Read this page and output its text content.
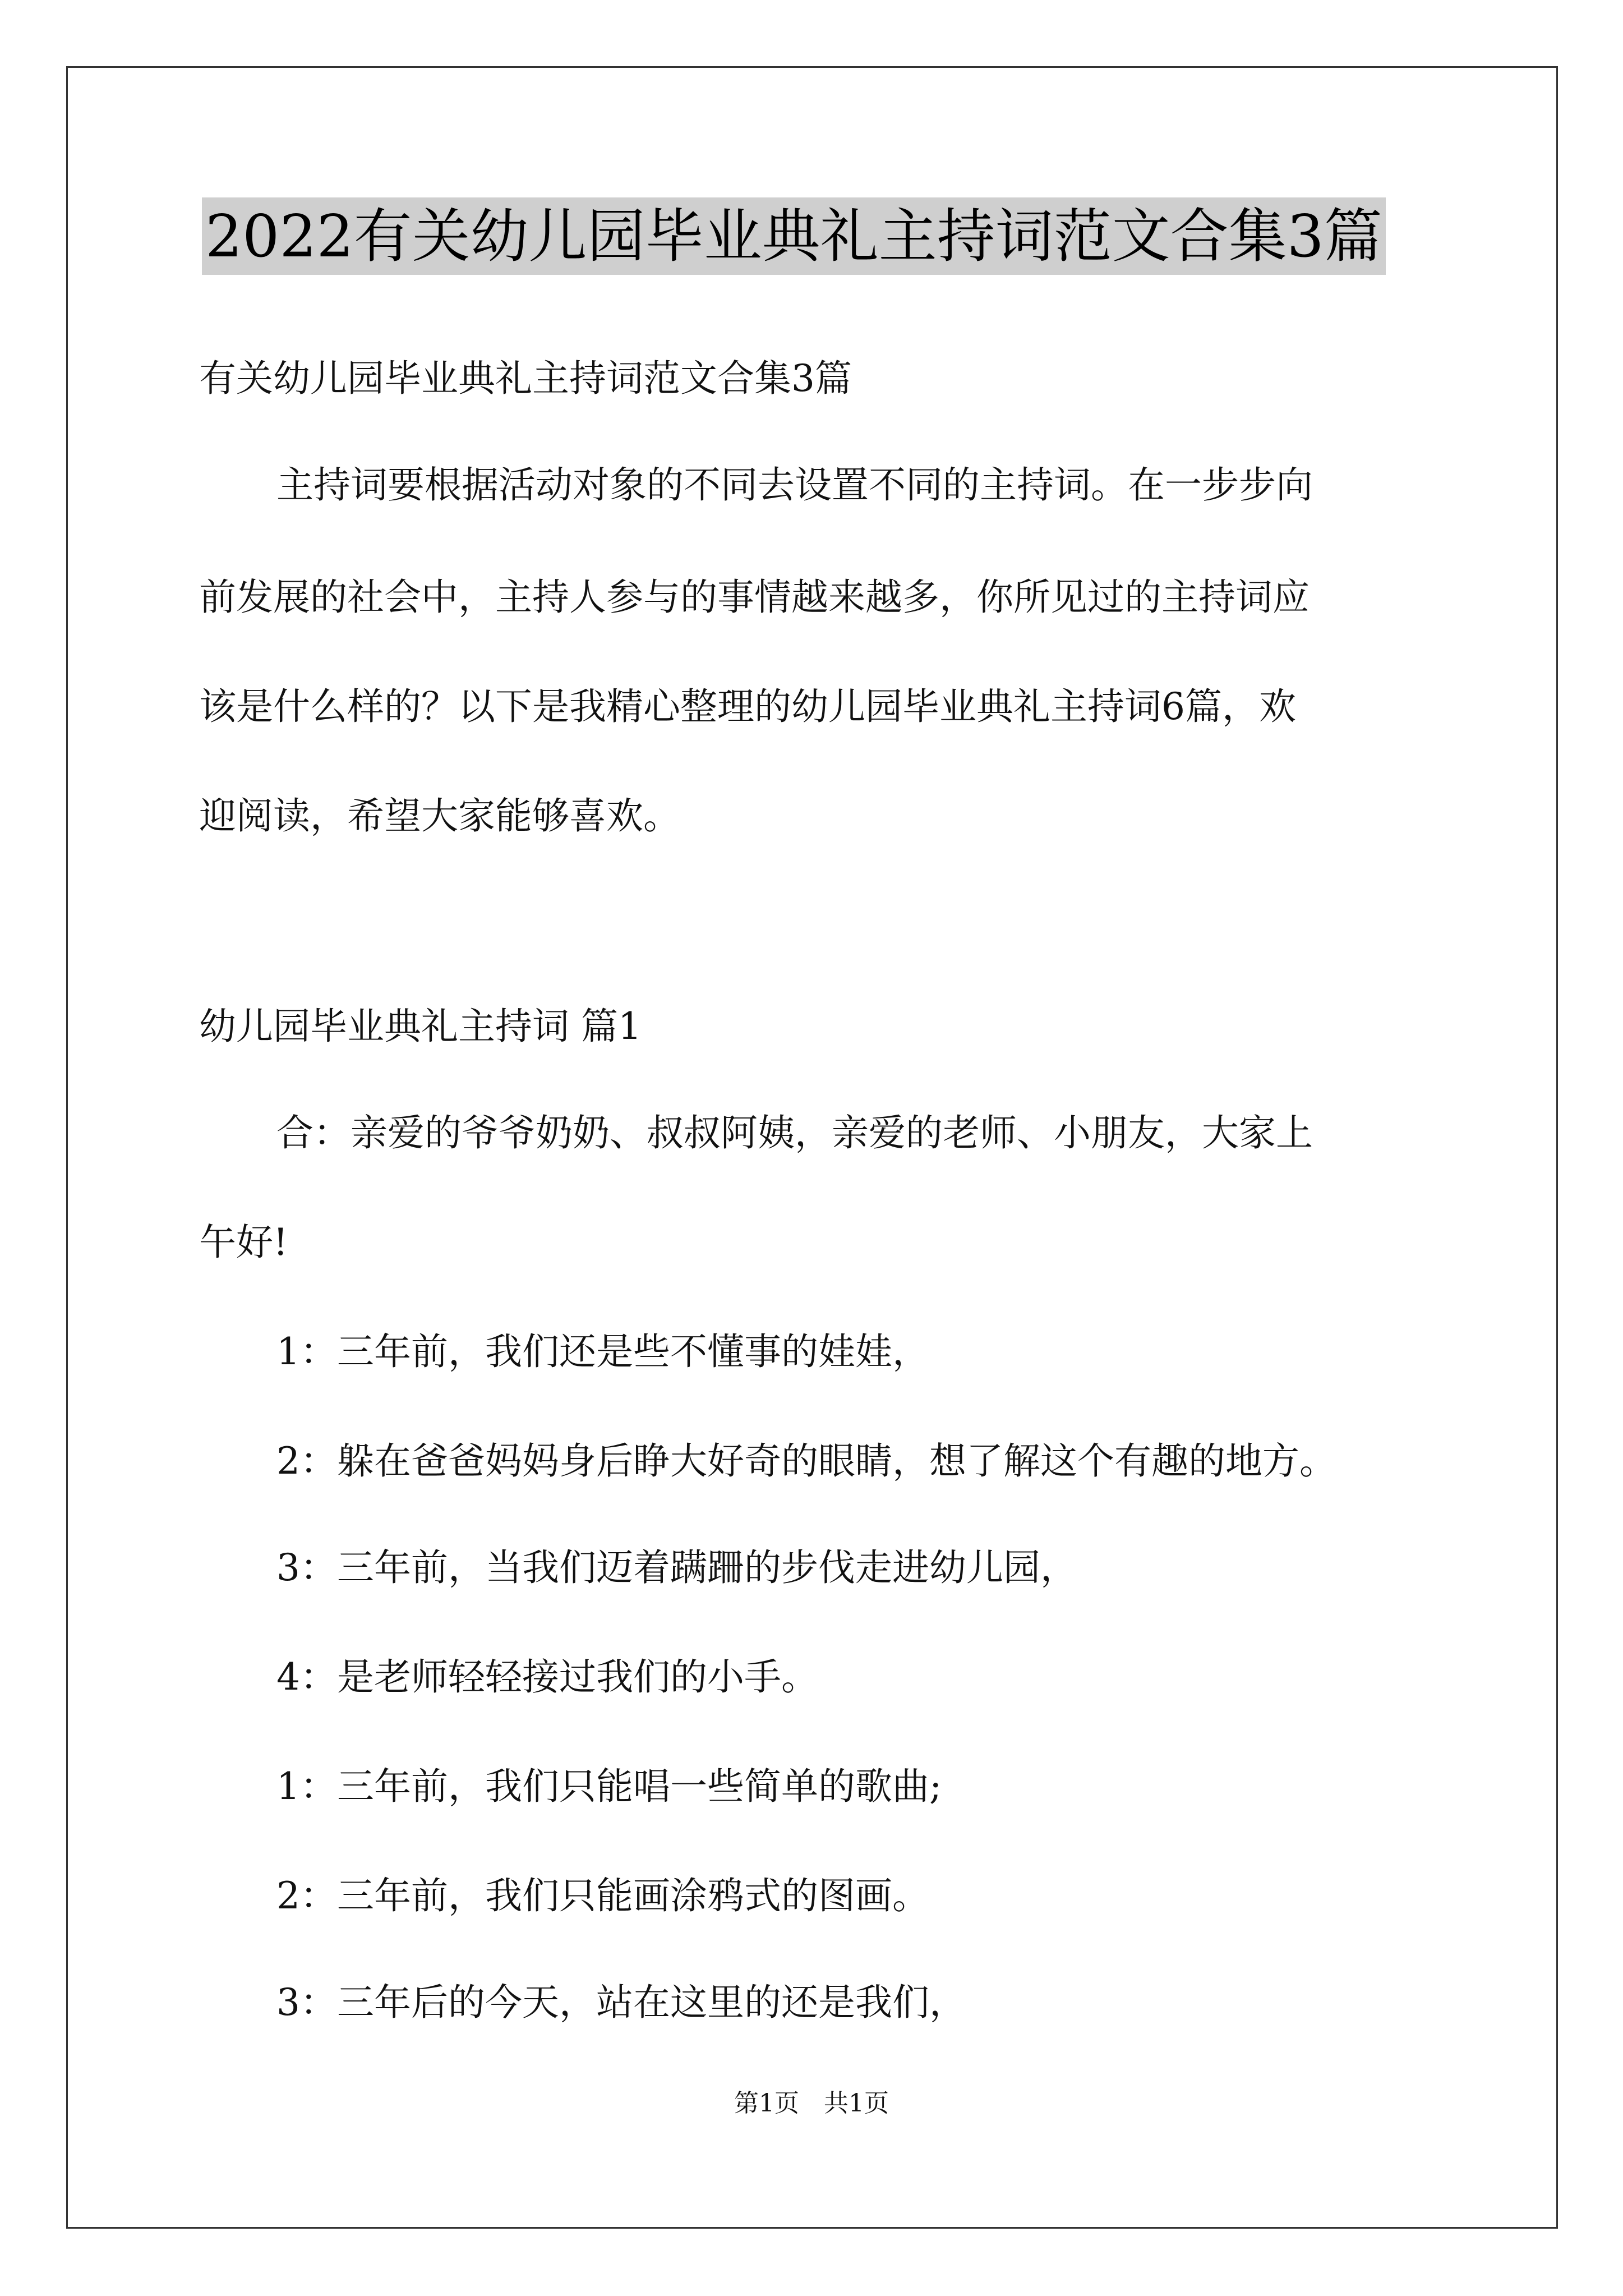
2022有关幼儿园毕业典礼主持词范文合集3篇
有关幼儿园毕业典礼主持词范文合集3篇
主持词要根据活动对象的不同去设置不同的主持词。在一步步向
前发展的社会中，主持人参与的事情越来越多，你所见过的主持词应
该是什么样的？以下是我精心整理的幼儿园毕业典礼主持词6篇，欢
迎阅读，希望大家能够喜欢。
幼儿园毕业典礼主持词 篇1
合：亲爱的爷爷奶奶、叔叔阿姨，亲爱的老师、小朋友，大家上
午好!
1：三年前，我们还是些不懂事的娃娃，
2：躲在爸爸妈妈身后睁大好奇的眼睛，想了解这个有趣的地方。
3：三年前，当我们迈着蹒跚的步伐走进幼儿园，
4：是老师轻轻接过我们的小手。
1：三年前，我们只能唱一些简单的歌曲;
2：三年前，我们只能画涂鸦式的图画。
3：三年后的今天，站在这里的还是我们，
第1页　共1页
